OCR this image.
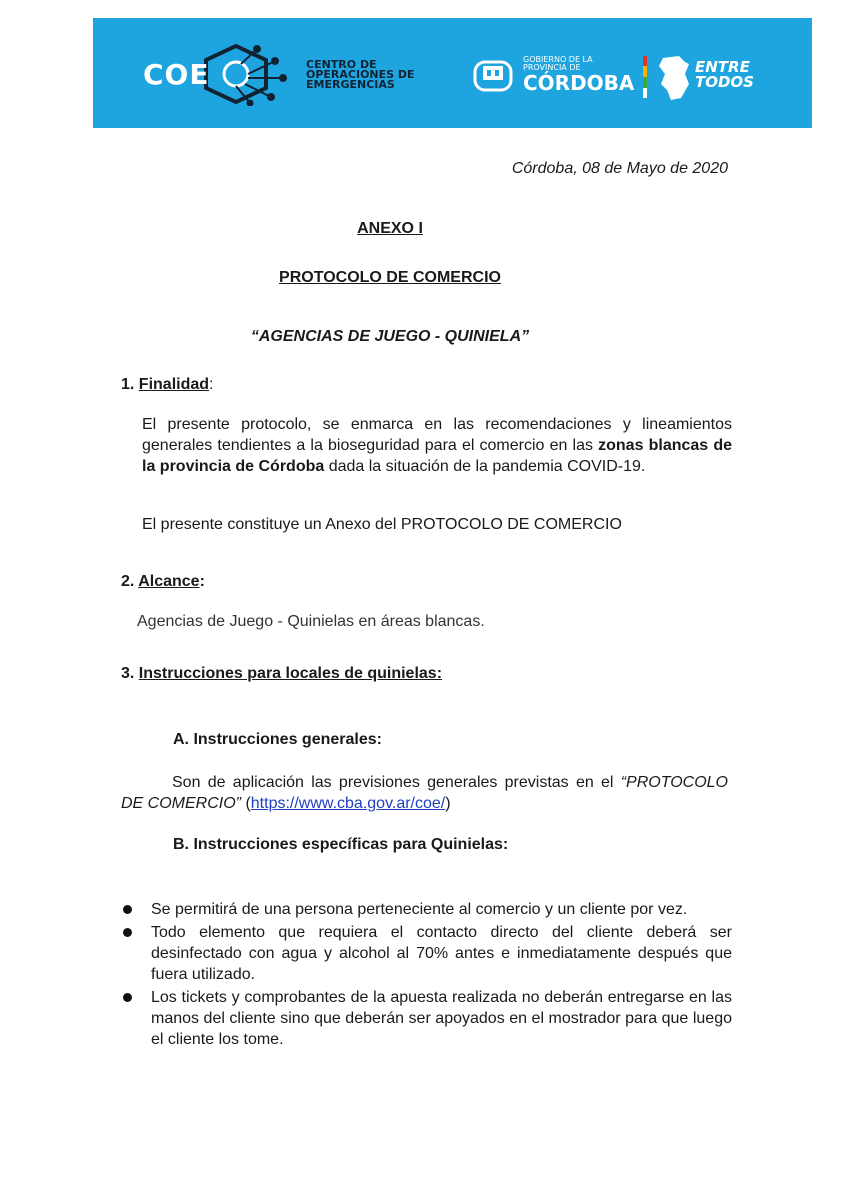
COE	CENTRO DE
OPERACIONES DE
EMERGENCIAS
GOBIERNO DE LA
PROVINCIA DE
CÓRDOBA
ENTRE
TODOS
Córdoba, 08 de Mayo de 2020
ANEXO I
PROTOCOLO DE COMERCIO
“AGENCIAS DE JUEGO - QUINIELA”
1. Finalidad:
El presente protocolo, se enmarca en las recomendaciones y lineamientos generales tendientes a la bioseguridad para el comercio en las zonas blancas de la provincia de Córdoba dada la situación de la pandemia COVID-19.
El presente constituye un Anexo del PROTOCOLO DE COMERCIO
2. Alcance:
Agencias de Juego - Quinielas en áreas blancas.
3. Instrucciones para locales de quinielas:
A. Instrucciones generales:
Son de aplicación las previsiones generales previstas en el “PROTOCOLO DE COMERCIO” (https://www.cba.gov.ar/coe/)
B. Instrucciones específicas para Quinielas:
Se permitirá de una persona perteneciente al comercio y un cliente por vez.
Todo elemento que requiera el contacto directo del cliente deberá ser desinfectado con agua y alcohol al 70% antes e inmediatamente después que fuera utilizado.
Los tickets y comprobantes de la apuesta realizada no deberán entregarse en las manos del cliente sino que deberán ser apoyados en el mostrador para que luego el cliente los tome.
